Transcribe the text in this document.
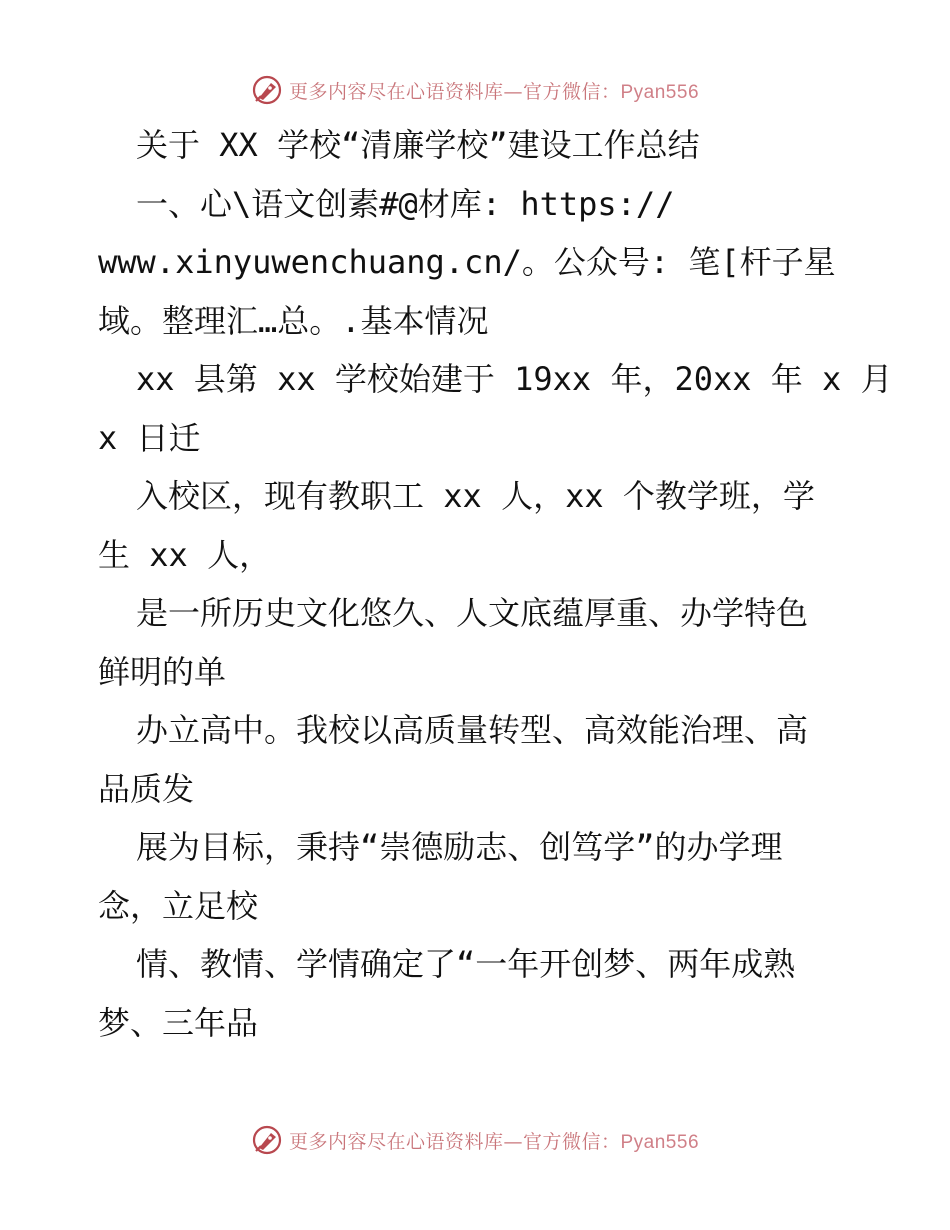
更多内容尽在心语资料库—官方微信：Pyan556

关于 XX 学校“清廉学校”建设工作总结

一、心\语文创素#@材库: https://

www.xinyuwenchuang.cn/。公众号: 笔[杆子星

域。整理汇…总。.基本情况

xx 县第 xx 学校始建于 19xx 年，20xx 年 x 月

x 日迁

入校区，现有教职工 xx 人，xx 个教学班，学

生 xx 人，

是一所历史文化悠久、人文底蕴厚重、办学特色

鲜明的单

办立高中。我校以高质量转型、高效能治理、高

品质发

展为目标，秉持“崇德励志、创笃学”的办学理

念，立足校

情、教情、学情确定了“一年开创梦、两年成熟

梦、三年品

更多内容尽在心语资料库—官方微信：Pyan556
